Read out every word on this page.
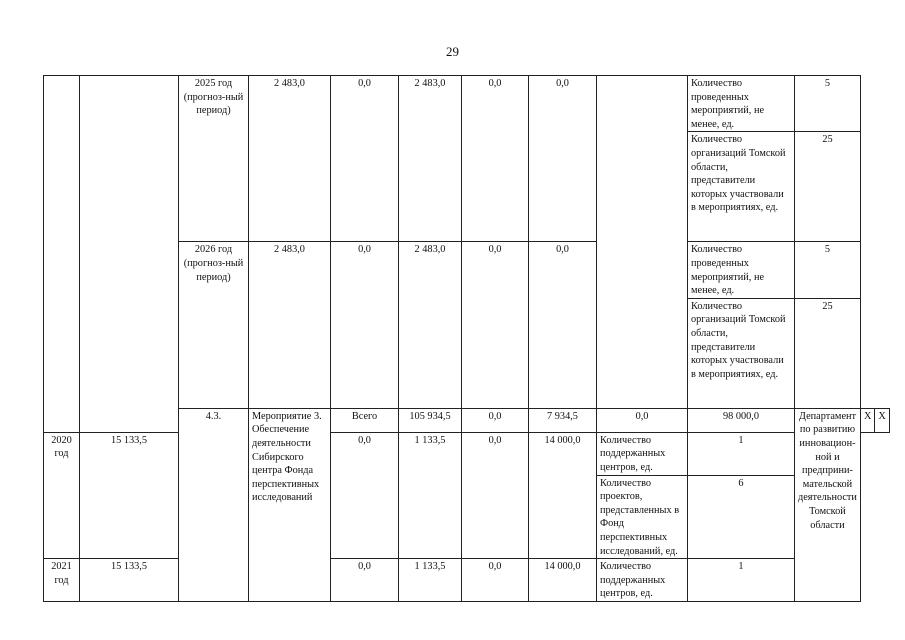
29
		2025 год (прогноз-ный период)	2 483,0	0,0	2 483,0	0,0	0,0		Количество проведенных мероприятий, не менее, ед.	5		
									Количество организаций Томской области, представители которых участвовали в мероприятиях, ед.	25		
		2026 год (прогноз-ный период)	2 483,0	0,0	2 483,0	0,0	0,0		Количество проведенных мероприятий, не менее, ед.	5		
									Количество организаций Томской области, представители которых участвовали в мероприятиях, ед.	25		
		4.3.	Мероприятие 3. Обеспечение деятельности Сибирского центра Фонда перспективных исследований	Всего	105 934,5	0,0	7 934,5	0,0	98 000,0	Департамент по развитию инновацион-ной и предприни-мательской деятельности Томской области	Х	Х
2020 год	15 133,5			0,0	1 133,5	0,0	14 000,0	Количество поддержанных центров, ед.	1			
								Количество проектов, представленных в Фонд перспективных исследований, ед.	6			
2021 год	15 133,5			0,0	1 133,5	0,0	14 000,0	Количество поддержанных центров, ед.	1			
